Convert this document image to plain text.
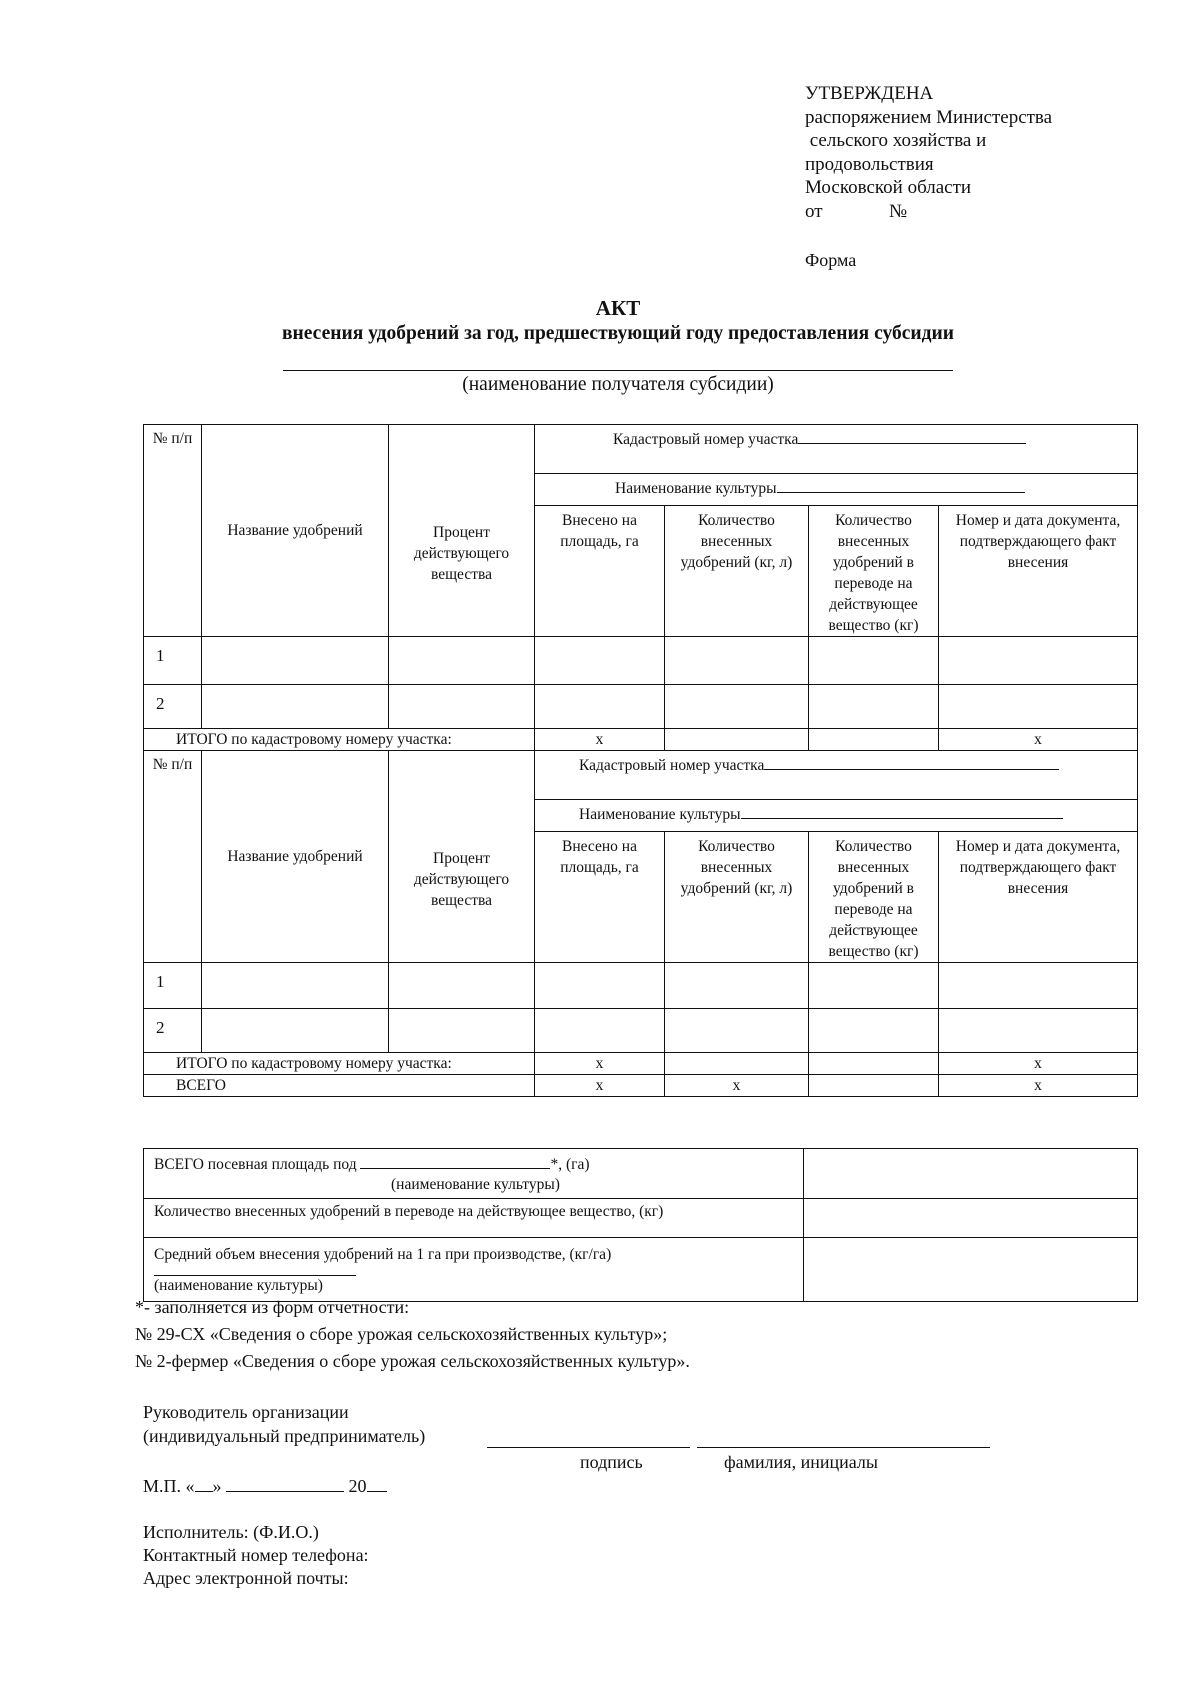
УТВЕРЖДЕНА
распоряжением Министерства
сельского хозяйства и
продовольствия
Московской области
от              №
Форма
АКТ
внесения удобрений за год, предшествующий году предоставления субсидии
(наименование получателя субсидии)
№ п/п	Название удобрений	Процент действующего вещества	Кадастровый номер участка			
			Наименование культуры			
			Внесено на площадь, га	Количество внесенных удобрений (кг, л)	Количество внесенных удобрений в переводе на действующее вещество (кг)	Номер и дата документа, подтверждающего факт внесения
1						
2						
ИТОГО по кадастровому номеру участка:			x			x
№ п/п	Название удобрений	Процент действующего вещества	Кадастровый номер участка			
			Наименование культуры			
			Внесено на площадь, га	Количество внесенных удобрений (кг, л)	Количество внесенных удобрений в переводе на действующее вещество (кг)	Номер и дата документа, подтверждающего факт внесения
1						
2						
ИТОГО по кадастровому номеру участка:			x			x
ВСЕГО			x	x		x
ВСЕГО посевная площадь под *, (га)
(наименование культуры)	

Количество внесенных удобрений в переводе на действующее вещество, (кг)	

Средний объем внесения удобрений на 1 га при производстве, (кг/га)
(наименование культуры)	

*- заполняется из форм отчетности:
№ 29-СХ «Сведения о сборе урожая сельскохозяйственных культур»;
№ 2-фермер «Сведения о сборе урожая сельскохозяйственных культур».
Руководитель организации
(индивидуальный предприниматель)
подпись	фамилия, инициалы
М.П. « »	20
Исполнитель: (Ф.И.О.)
Контактный номер телефона:
Адрес электронной почты:
